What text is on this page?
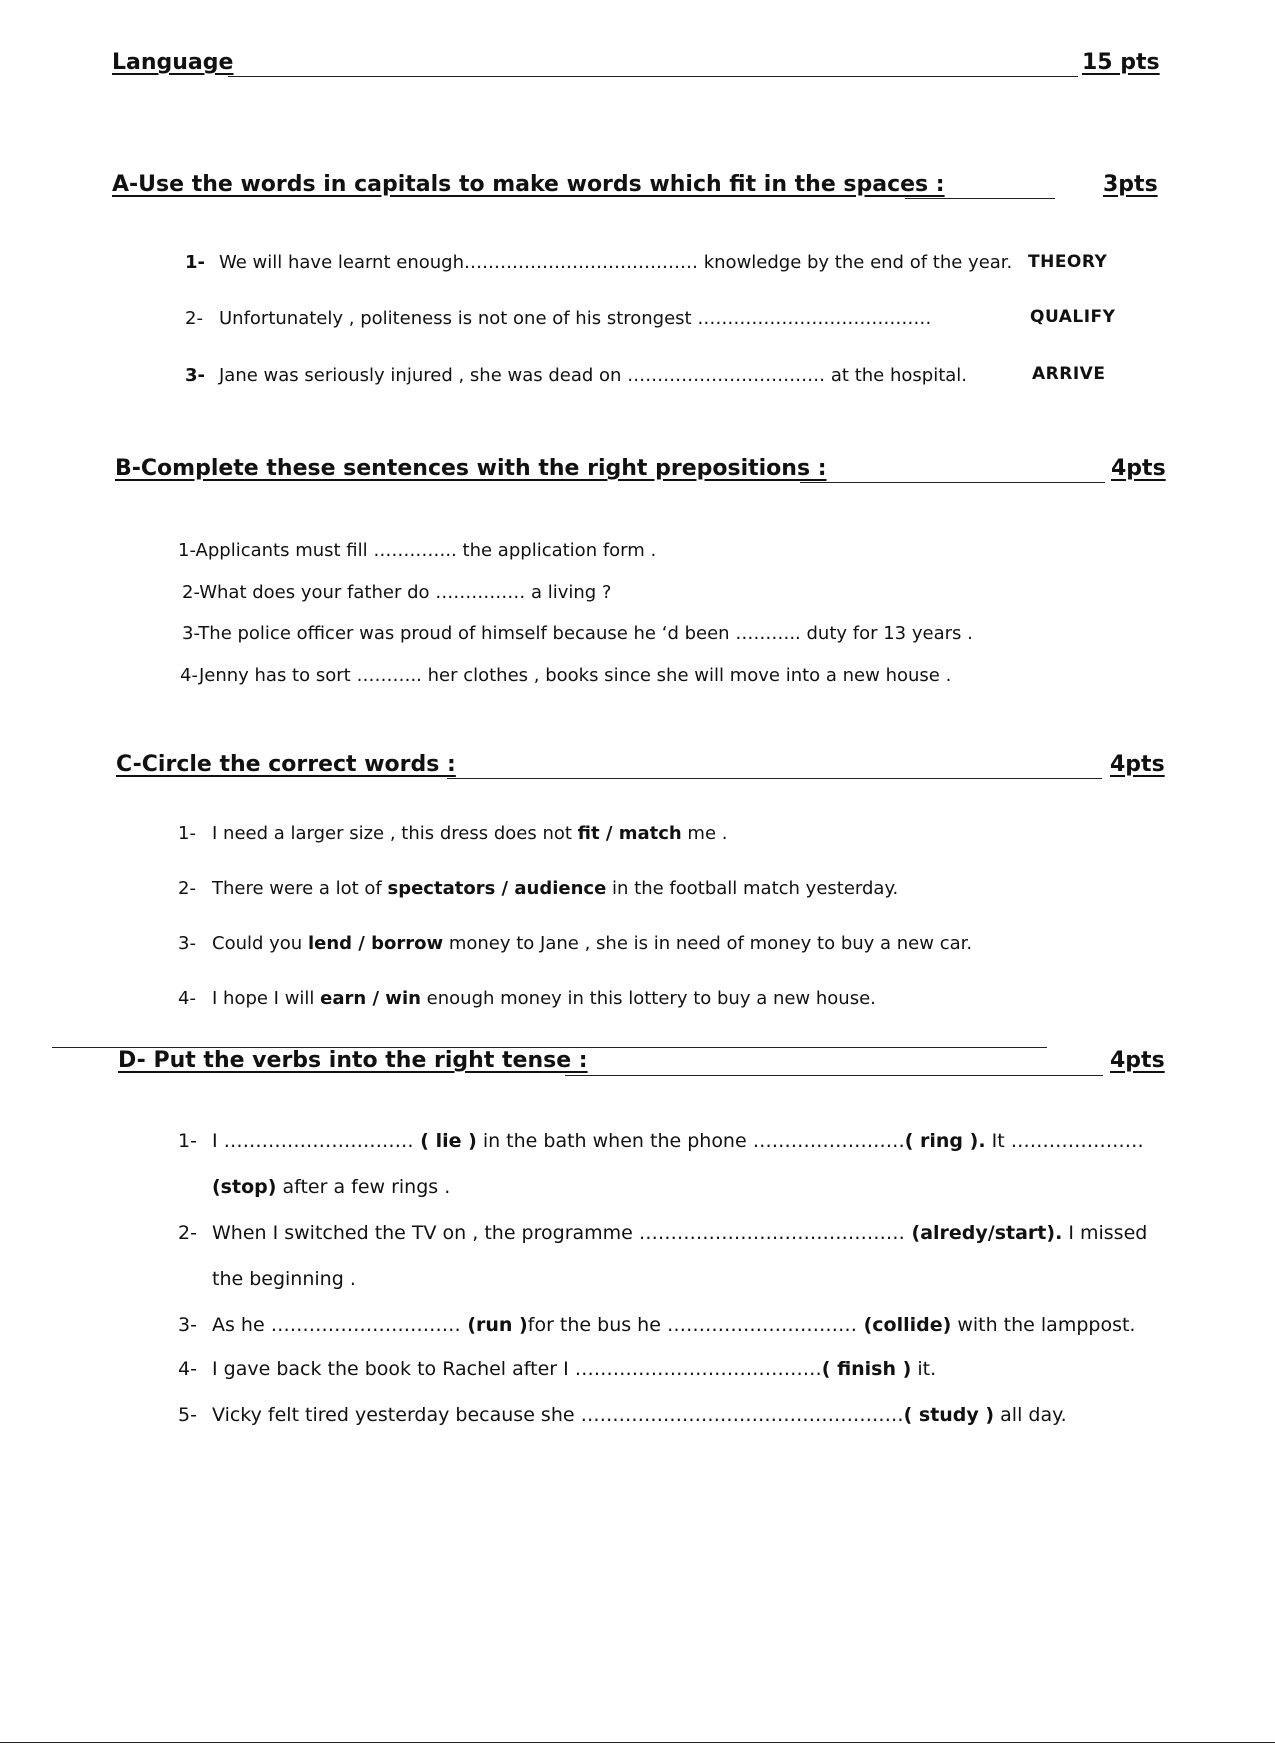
Language	15 pts
A-Use the words in capitals to make words which fit in the spaces :	3pts
1- We will have learnt enough………………………………… knowledge by the end of the year. THEORY
2- Unfortunately , politeness is not one of his strongest …………………………………	QUALIFY
3- Jane was seriously injured , she was dead on …………………………… at the hospital.	ARRIVE
B-Complete these sentences with the right prepositions :	4pts
1-Applicants must fill ………….. the application form .
2-What does your father do …………… a living ?
3-The police officer was proud of himself because he ‘d been ……….. duty for 13 years .
4-Jenny has to sort ……….. her clothes , books since she will move into a new house .
C-Circle the correct words :	4pts
1- I need a larger size , this dress does not fit / match me .
2- There were a lot of spectators / audience in the football match yesterday.
3- Could you lend / borrow money to Jane , she is in need of money to buy a new car.
4- I hope I will earn / win enough money in this lottery to buy a new house.
D- Put the verbs into the right tense :	4pts
1- I ………………………… ( lie ) in the bath when the phone ……………………( ring ). It …………………
(stop) after a few rings .
2- When I switched the TV on , the programme …………………………………… (alredy/start). I missed
the beginning .
3- As he ………………………… (run )for the bus he ………………………… (collide) with the lamppost.
4- I gave back the book to Rachel after I …………………………………( finish ) it.
5- Vicky felt tired yesterday because she ……………………………………………( study ) all day.
